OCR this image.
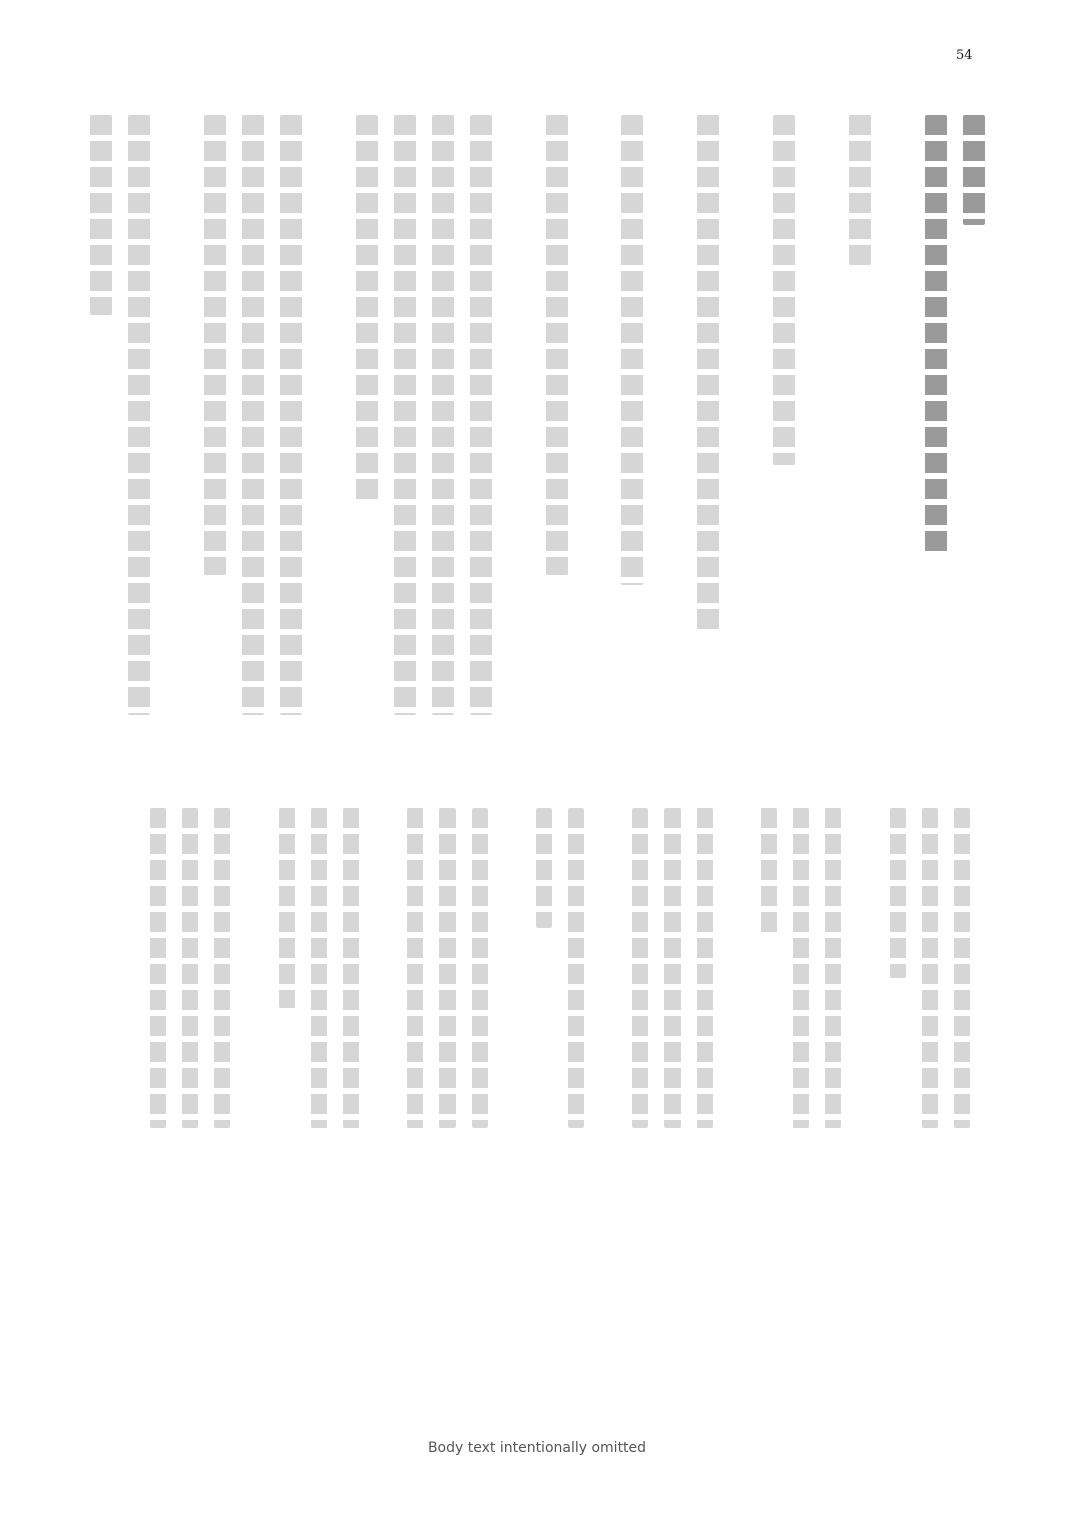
54
Body text intentionally omitted
